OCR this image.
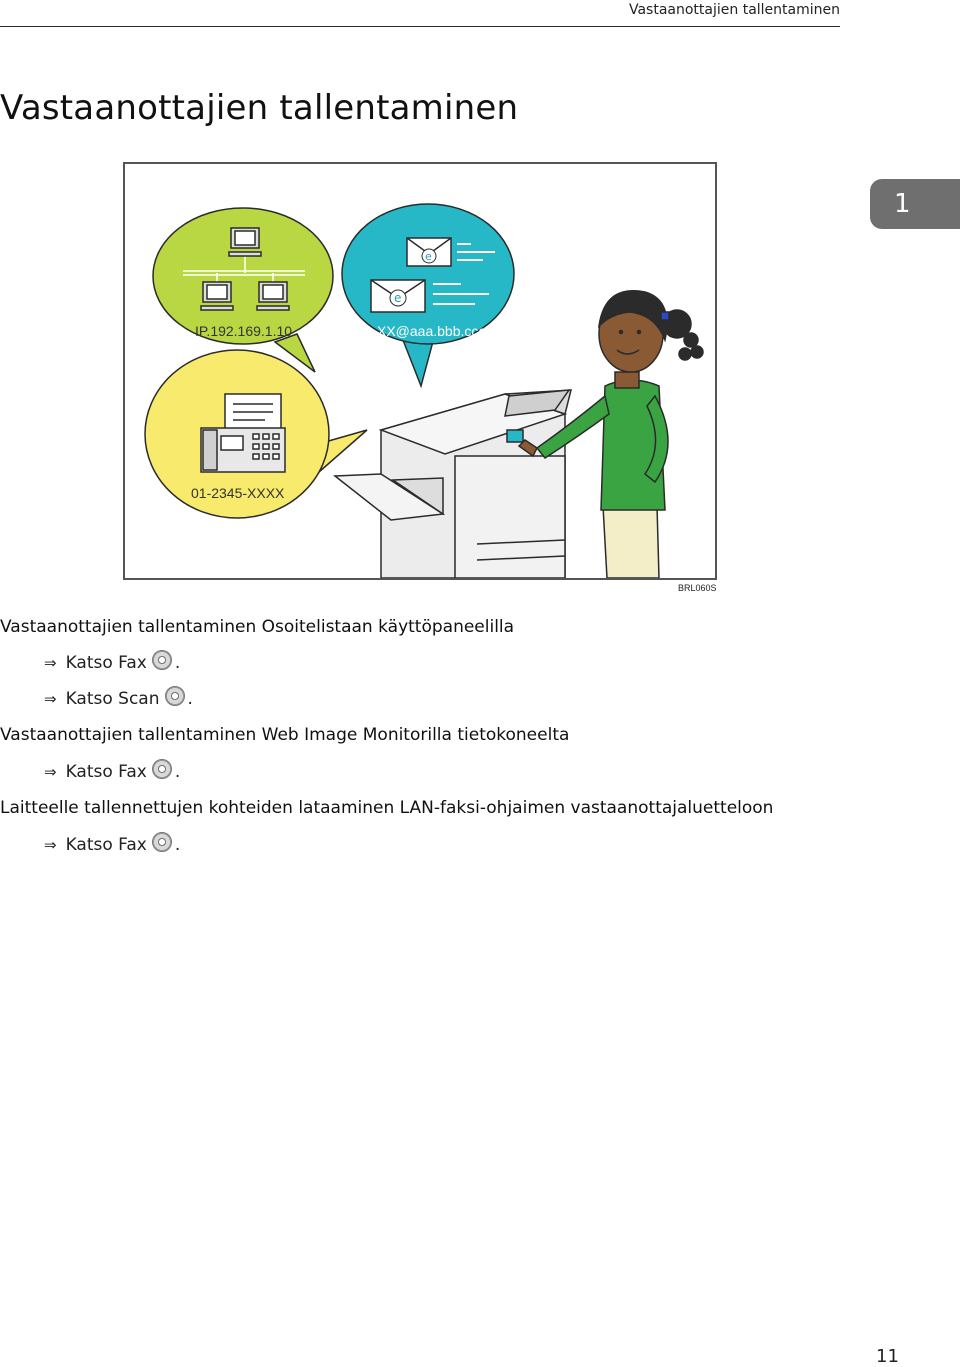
Vastaanottajien tallentaminen
Vastaanottajien tallentaminen
1
IP.192.169.1.10
e
e
XX@aaa.bbb.ccc
01-2345-XXXX
BRL060S
Vastaanottajien tallentaminen Osoitelistaan käyttöpaneelilla
⇒ Katso Fax .
⇒ Katso Scan .
Vastaanottajien tallentaminen Web Image Monitorilla tietokoneelta
⇒ Katso Fax .
Laitteelle tallennettujen kohteiden lataaminen LAN-faksi-ohjaimen vastaanottajaluetteloon
⇒ Katso Fax .
11
